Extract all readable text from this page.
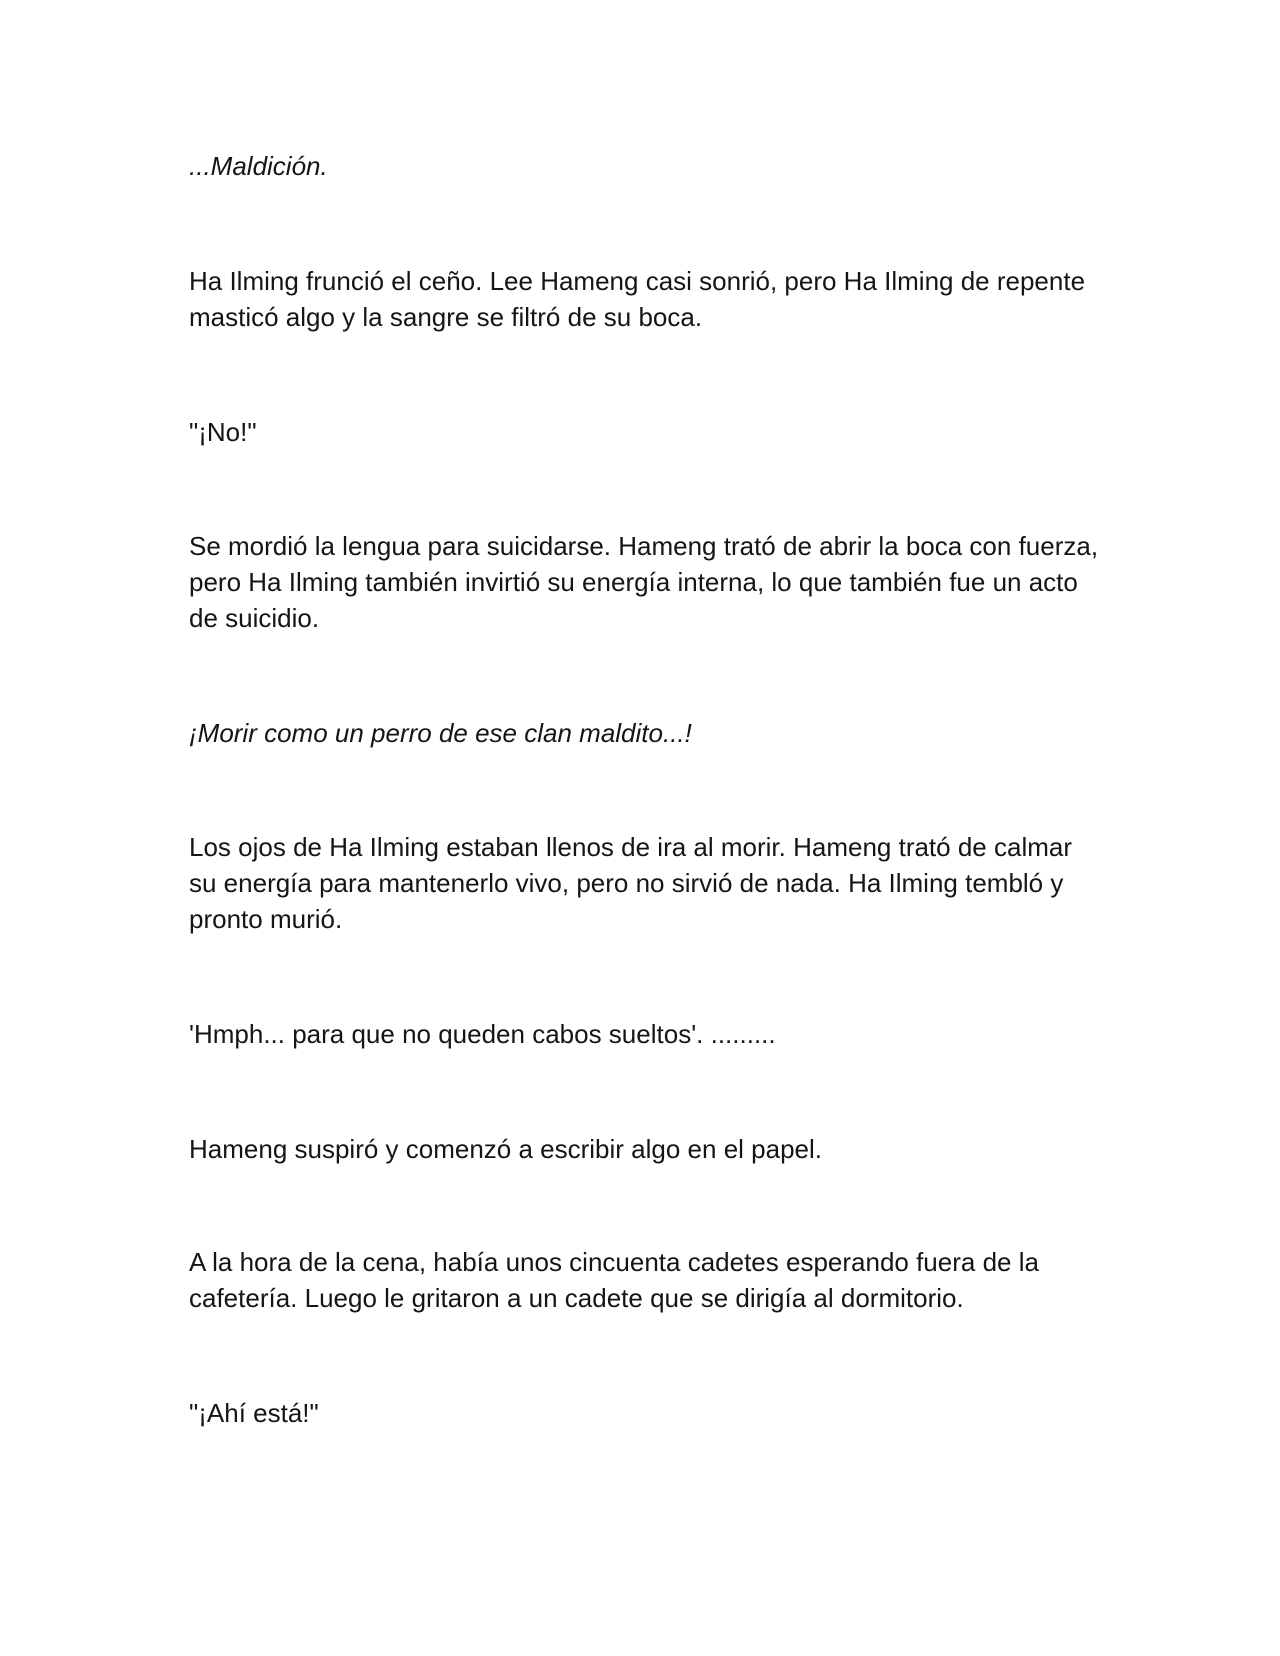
...Maldición.

Ha Ilming frunció el ceño. Lee Hameng casi sonrió, pero Ha Ilming de repente masticó algo y la sangre se filtró de su boca.

"¡No!"

Se mordió la lengua para suicidarse. Hameng trató de abrir la boca con fuerza, pero Ha Ilming también invirtió su energía interna, lo que también fue un acto de suicidio.

¡Morir como un perro de ese clan maldito...!

Los ojos de Ha Ilming estaban llenos de ira al morir. Hameng trató de calmar su energía para mantenerlo vivo, pero no sirvió de nada. Ha Ilming tembló y pronto murió.

'Hmph... para que no queden cabos sueltos'. .........

Hameng suspiró y comenzó a escribir algo en el papel.

A la hora de la cena, había unos cincuenta cadetes esperando fuera de la cafetería. Luego le gritaron a un cadete que se dirigía al dormitorio.

"¡Ahí está!"
